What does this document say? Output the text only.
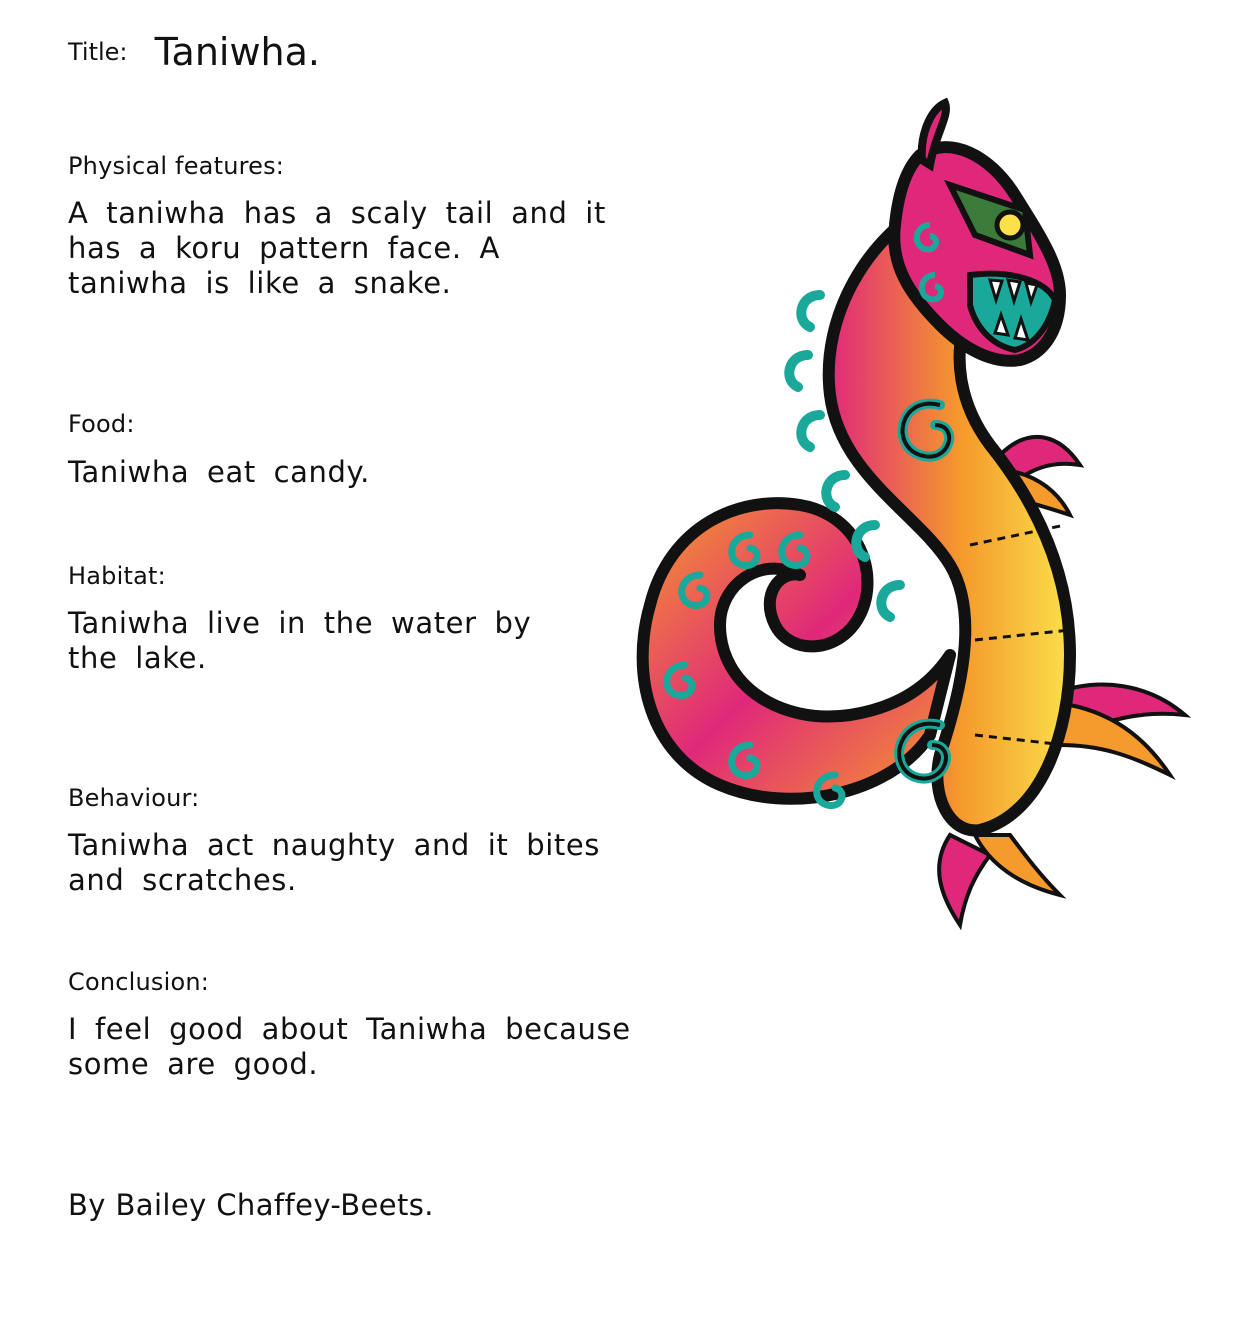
Title: Taniwha.
Physical features:
A taniwha has a scaly tail and it
has a koru pattern face. A
taniwha is like a snake.
Food:
Taniwha eat candy.
Habitat:
Taniwha live in the water by
the lake.
Behaviour:
Taniwha act naughty and it bites
and scratches.
Conclusion:
I feel good about Taniwha because
some are good.
By Bailey Chaffey-Beets.
